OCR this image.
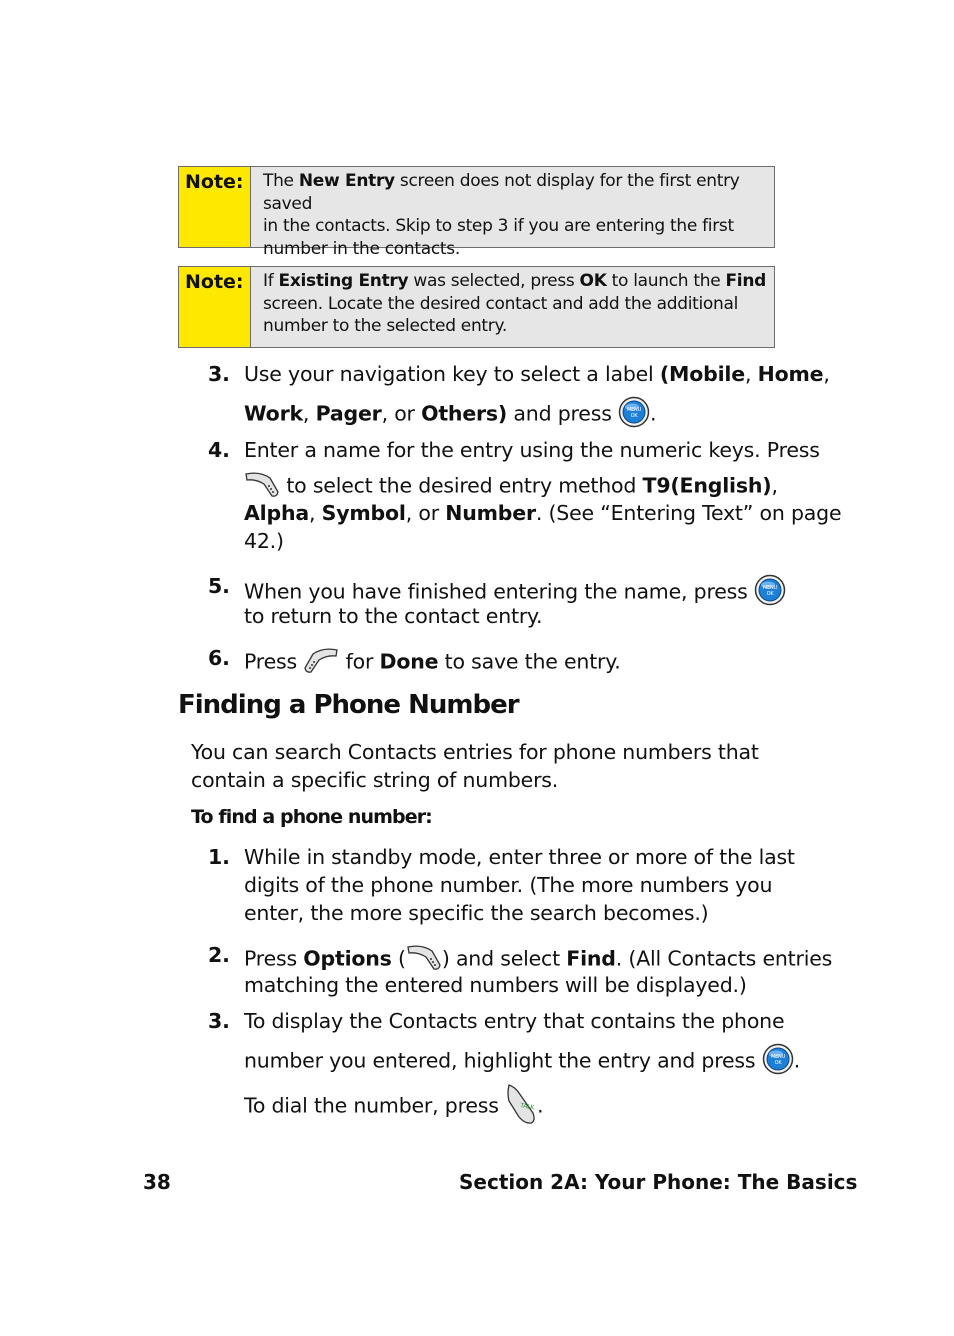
Note:	The New Entry screen does not display for the first entry saved
in the contacts. Skip to step 3 if you are entering the first
number in the contacts.
Note:	If Existing Entry was selected, press OK to launch the Find
screen. Locate the desired contact and add the additional
number to the selected entry.
3. Use your navigation key to select a label (Mobile, Home,
Work, Pager, or Others) and press MENU
OK .
4. Enter a name for the entry using the numeric keys. Press
to select the desired entry method T9(English),
Alpha, Symbol, or Number. (See “Entering Text” on page
42.)
5. When you have finished entering the name, press	MENU
OK
to return to the contact entry.
6. Press  for Done to save the entry.
Finding a Phone Number
You can search Contacts entries for phone numbers that
contain a specific string of numbers.
To find a phone number:
1. While in standby mode, enter three or more of the last
digits of the phone number. (The more numbers you
enter, the more specific the search becomes.)
2. Press Options ( ) and select Find. (All Contacts entries
matching the entered numbers will be displayed.)
3. To display the Contacts entry that contains the phone
number you entered, highlight the entry and press MENU
OK .
To dial the number, press TALK .
38	Section 2A: Your Phone: The Basics
